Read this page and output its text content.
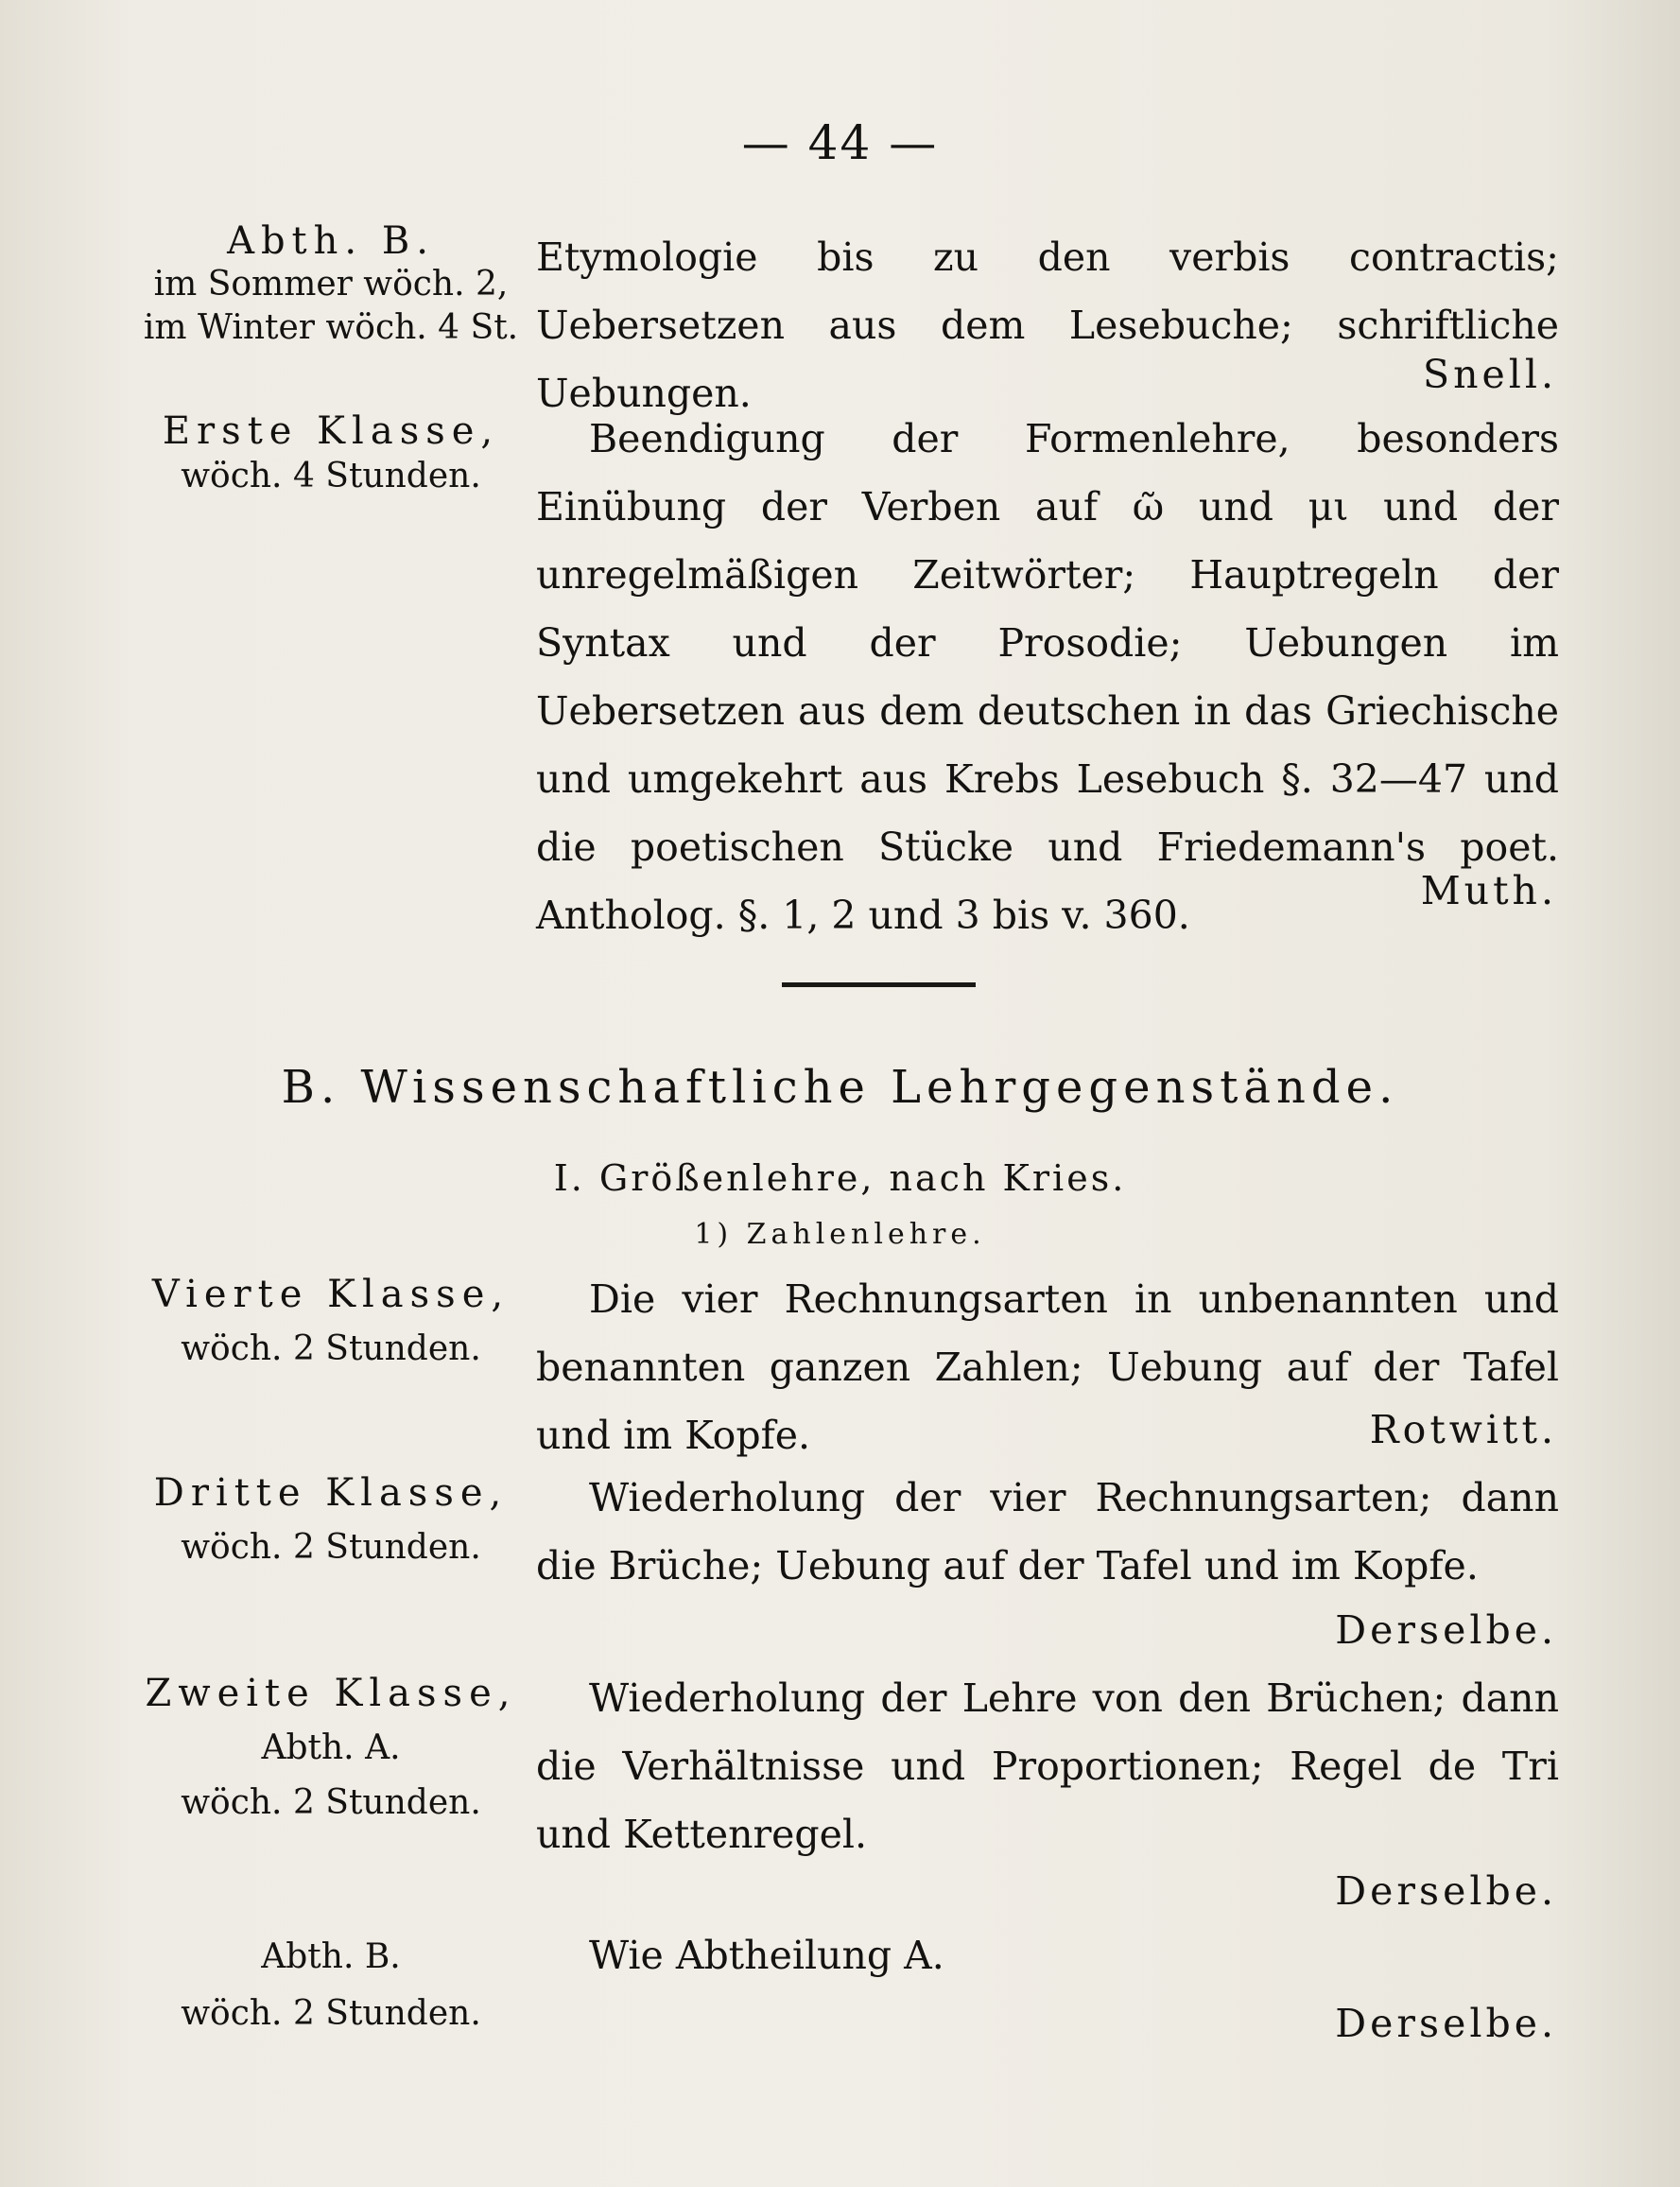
— 44 —
Abth. B.
im Sommer wöch. 2,
im Winter wöch. 4 St.
Etymologie bis zu den verbis contractis; Uebersetzen aus dem Lesebuche; schriftliche Uebungen.	Snell.
Erste Klasse,
wöch. 4 Stunden.
Beendigung der Formenlehre, besonders Einübung der Verben auf ῶ und μι und der unregelmäßigen Zeitwörter; Hauptregeln der Syntax und der Prosodie; Uebungen im Uebersetzen aus dem deutschen in das Griechische und umgekehrt aus Krebs Lesebuch §. 32—47 und die poetischen Stücke und Friedemann's poet. Antholog. §. 1, 2 und 3 bis v. 360.
Muth.
B. Wissenschaftliche Lehrgegenstände.
I. Größenlehre, nach Kries.
1) Zahlenlehre.
Vierte Klasse,
wöch. 2 Stunden.
Die vier Rechnungsarten in unbenannten und benannten ganzen Zahlen; Uebung auf der Tafel und im Kopfe.	Rotwitt.
Dritte Klasse,
wöch. 2 Stunden.
Wiederholung der vier Rechnungsarten; dann die Brüche; Uebung auf der Tafel und im Kopfe.
Derselbe.
Zweite Klasse,
Abth. A.
wöch. 2 Stunden.
Wiederholung der Lehre von den Brüchen; dann die Verhältnisse und Proportionen; Regel de Tri und Kettenregel.
Derselbe.
Abth. B.
wöch. 2 Stunden.
Wie Abtheilung A.
Derselbe.
